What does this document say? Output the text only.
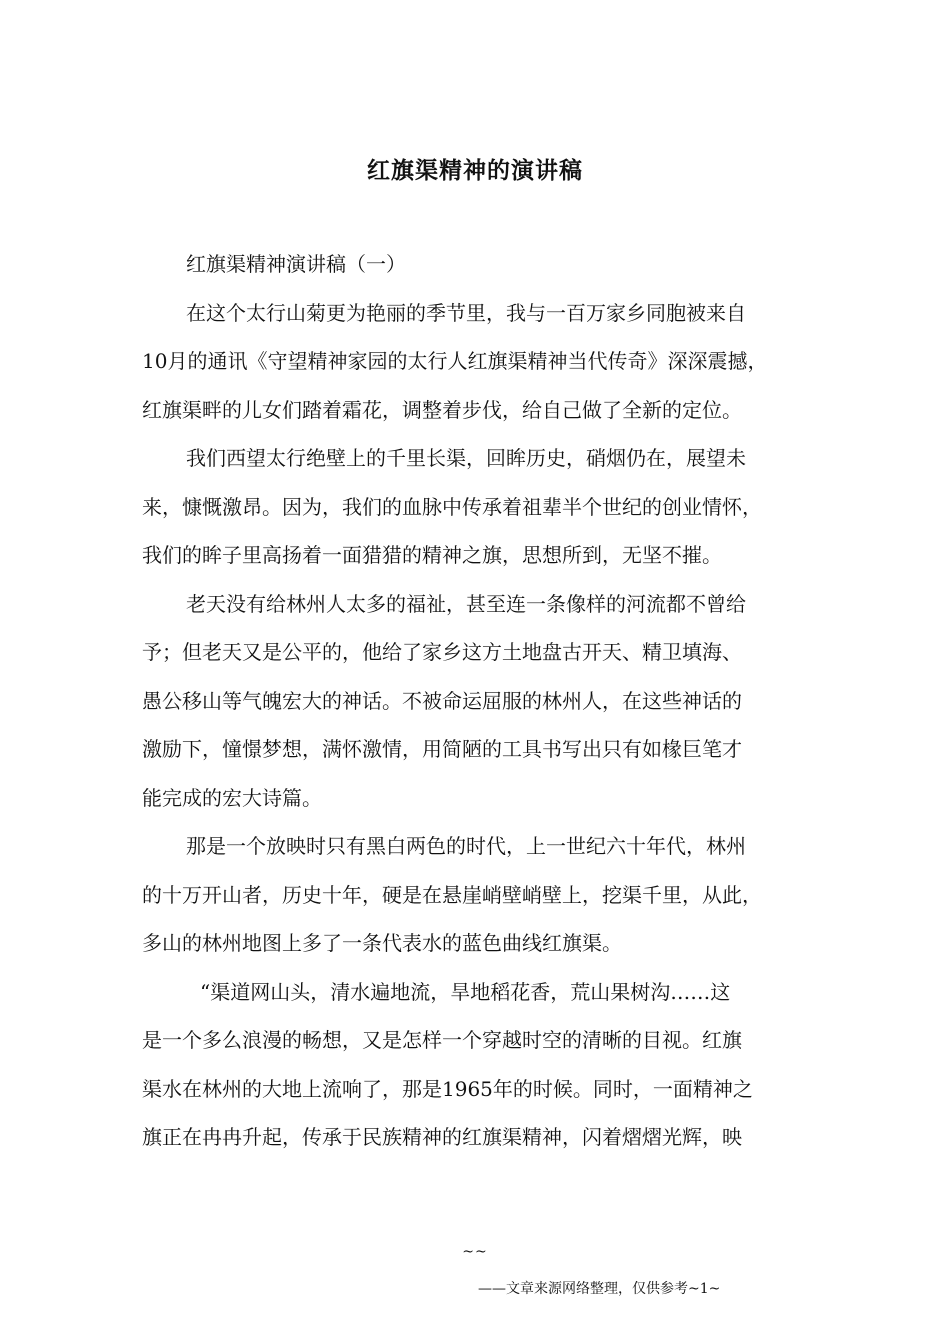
红旗渠精神的演讲稿
红旗渠精神演讲稿（一）
在这个太行山菊更为艳丽的季节里，我与一百万家乡同胞被来自
10月的通讯《守望精神家园的太行人红旗渠精神当代传奇》深深震撼，
红旗渠畔的儿女们踏着霜花，调整着步伐，给自己做了全新的定位。
我们西望太行绝壁上的千里长渠，回眸历史，硝烟仍在，展望未
来，慷慨激昂。因为，我们的血脉中传承着祖辈半个世纪的创业情怀，
我们的眸子里高扬着一面猎猎的精神之旗，思想所到，无坚不摧。
老天没有给林州人太多的福祉，甚至连一条像样的河流都不曾给
予；但老天又是公平的，他给了家乡这方土地盘古开天、精卫填海、
愚公移山等气魄宏大的神话。不被命运屈服的林州人，在这些神话的
激励下，憧憬梦想，满怀激情，用简陋的工具书写出只有如椽巨笔才
能完成的宏大诗篇。
那是一个放映时只有黑白两色的时代，上一世纪六十年代，林州
的十万开山者，历史十年，硬是在悬崖峭壁峭壁上，挖渠千里，从此，
多山的林州地图上多了一条代表水的蓝色曲线红旗渠。
“渠道网山头，清水遍地流，旱地稻花香，荒山果树沟……这
是一个多么浪漫的畅想，又是怎样一个穿越时空的清晰的目视。红旗
渠水在林州的大地上流响了，那是1965年的时候。同时，一面精神之
旗正在冉冉升起，传承于民族精神的红旗渠精神，闪着熠熠光辉，映
~~
——文章来源网络整理，仅供参考~1~
